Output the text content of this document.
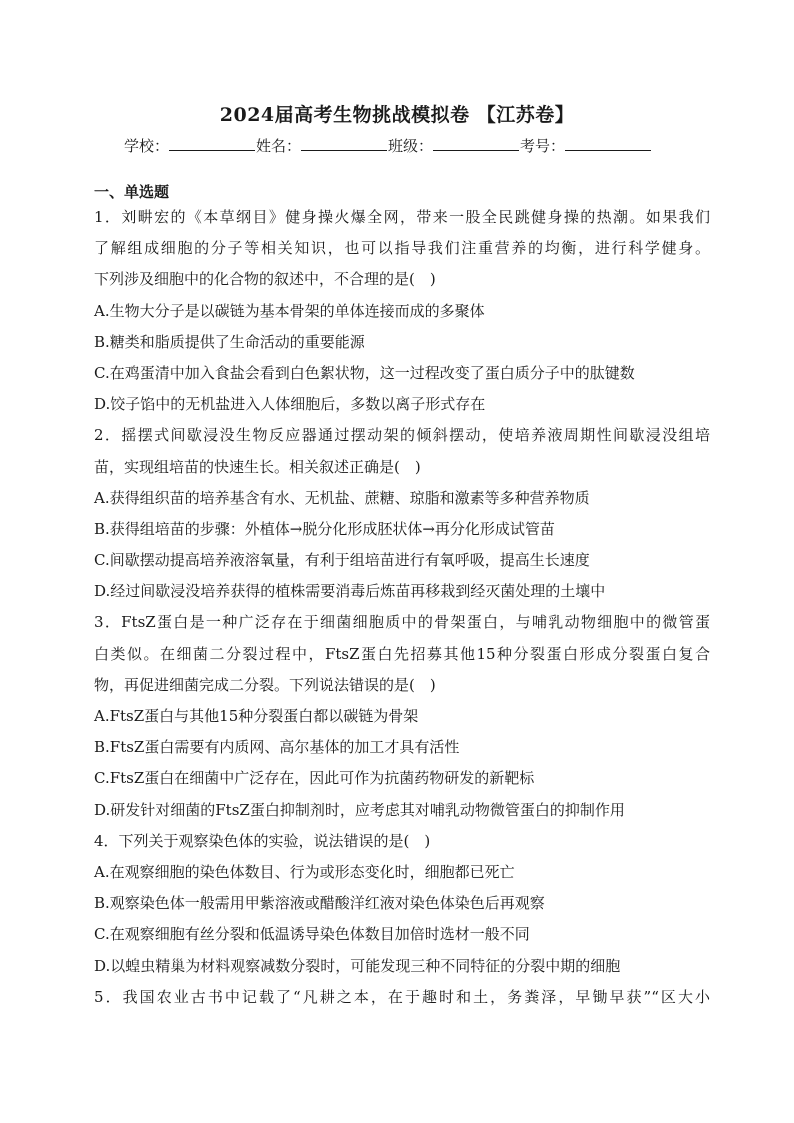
2024届高考生物挑战模拟卷 【江苏卷】
学校：	姓名：	班级：	考号：
一、单选题
1．刘畊宏的《本草纲目》健身操火爆全网，带来一股全民跳健身操的热潮。如果我们
了解组成细胞的分子等相关知识，也可以指导我们注重营养的均衡，进行科学健身。
下列涉及细胞中的化合物的叙述中，不合理的是(　)
A.生物大分子是以碳链为基本骨架的单体连接而成的多聚体
B.糖类和脂质提供了生命活动的重要能源
C.在鸡蛋清中加入食盐会看到白色絮状物，这一过程改变了蛋白质分子中的肽键数
D.饺子馅中的无机盐进入人体细胞后，多数以离子形式存在
2．摇摆式间歇浸没生物反应器通过摆动架的倾斜摆动，使培养液周期性间歇浸没组培
苗，实现组培苗的快速生长。相关叙述正确是(　)
A.获得组织苗的培养基含有水、无机盐、蔗糖、琼脂和激素等多种营养物质
B.获得组培苗的步骤：外植体→脱分化形成胚状体→再分化形成试管苗
C.间歇摆动提高培养液溶氧量，有利于组培苗进行有氧呼吸，提高生长速度
D.经过间歇浸没培养获得的植株需要消毒后炼苗再移栽到经灭菌处理的土壤中
3．FtsZ蛋白是一种广泛存在于细菌细胞质中的骨架蛋白，与哺乳动物细胞中的微管蛋
白类似。在细菌二分裂过程中，FtsZ蛋白先招募其他15种分裂蛋白形成分裂蛋白复合
物，再促进细菌完成二分裂。下列说法错误的是(　)
A.FtsZ蛋白与其他15种分裂蛋白都以碳链为骨架
B.FtsZ蛋白需要有内质网、高尔基体的加工才具有活性
C.FtsZ蛋白在细菌中广泛存在，因此可作为抗菌药物研发的新靶标
D.研发针对细菌的FtsZ蛋白抑制剂时，应考虑其对哺乳动物微管蛋白的抑制作用
4．下列关于观察染色体的实验，说法错误的是(　)
A.在观察细胞的染色体数目、行为或形态变化时，细胞都已死亡
B.观察染色体一般需用甲紫溶液或醋酸洋红液对染色体染色后再观察
C.在观察细胞有丝分裂和低温诱导染色体数目加倍时选材一般不同
D.以蝗虫精巢为材料观察减数分裂时，可能发现三种不同特征的分裂中期的细胞
5．我国农业古书中记载了“凡耕之本，在于趣时和土，务粪泽，早锄早获”“区大小
